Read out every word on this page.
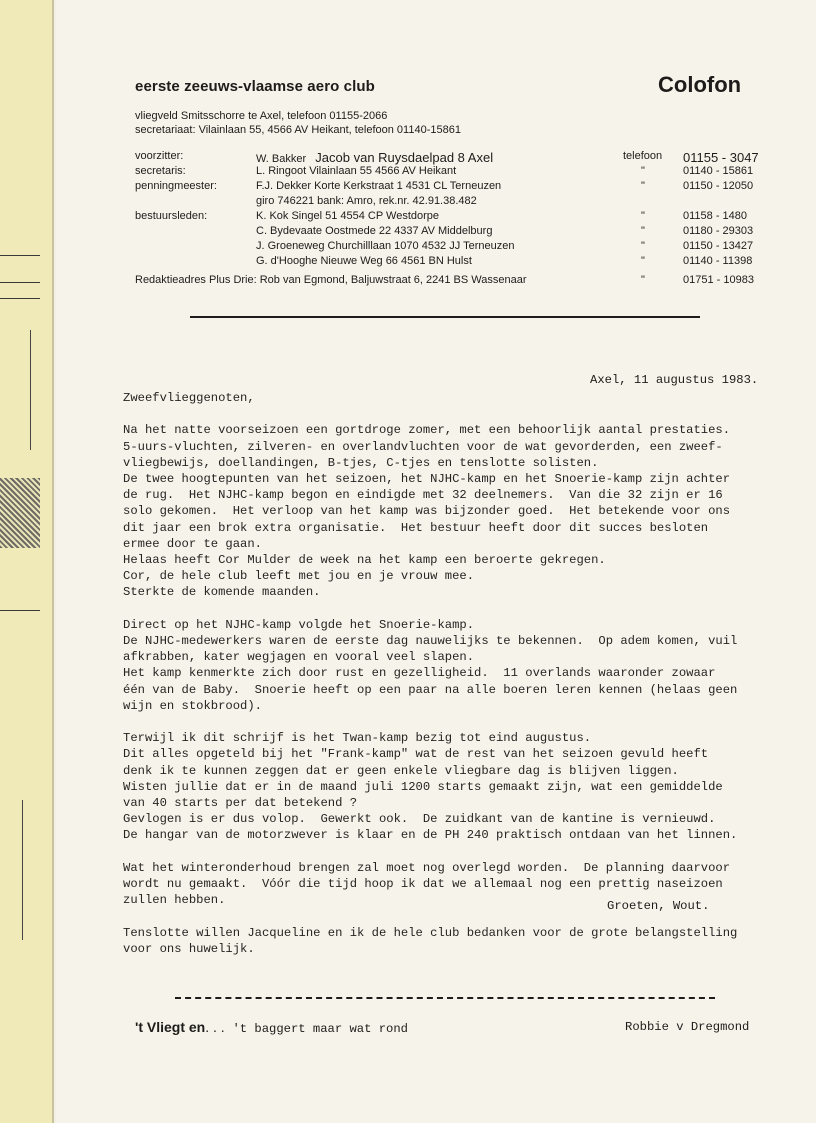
eerste zeeuws-vlaamse aero club	Colofon
vliegveld Smitsschorre te Axel, telefoon 01155-2066
secretariaat: Vilainlaan 55, 4566 AV Heikant, telefoon 01140-15861
voorzitter:	W. Bakker Jacob van Ruysdaelpad 8 Axel	telefoon 01155 - 3047
secretaris:	L. Ringoot Vilainlaan 55 4566 AV Heikant	"	01140 - 15861
penningmeester:	F.J. Dekker Korte Kerkstraat 1 4531 CL Terneuzen	"	01150 - 12050
giro 746221 bank: Amro, rek.nr. 42.91.38.482
bestuursleden:	K. Kok Singel 51 4554 CP Westdorpe	"	01158 - 1480
C. Bydevaate Oostmede 22 4337 AV Middelburg	"	01180 - 29303
J. Groeneweg Churchilllaan 1070 4532 JJ Terneuzen	"	01150 - 13427
G. d'Hooghe Nieuwe Weg 66 4561 BN Hulst	"	01140 - 11398
Redaktieadres Plus Drie: Rob van Egmond, Baljuwstraat 6, 2241 BS Wassenaar	"	01751 - 10983
Axel, 11 augustus 1983.
Zweefvlieggenoten,

Na het natte voorseizoen een gortdroge zomer, met een behoorlijk aantal prestaties.
5-uurs-vluchten, zilveren- en overlandvluchten voor de wat gevorderden, een zweef-
vliegbewijs, doellandingen, B-tjes, C-tjes en tenslotte solisten.
De twee hoogtepunten van het seizoen, het NJHC-kamp en het Snoerie-kamp zijn achter
de rug.  Het NJHC-kamp begon en eindigde met 32 deelnemers.  Van die 32 zijn er 16
solo gekomen.  Het verloop van het kamp was bijzonder goed.  Het betekende voor ons
dit jaar een brok extra organisatie.  Het bestuur heeft door dit succes besloten
ermee door te gaan.
Helaas heeft Cor Mulder de week na het kamp een beroerte gekregen.
Cor, de hele club leeft met jou en je vrouw mee.
Sterkte de komende maanden.

Direct op het NJHC-kamp volgde het Snoerie-kamp.
De NJHC-medewerkers waren de eerste dag nauwelijks te bekennen.  Op adem komen, vuil
afkrabben, kater wegjagen en vooral veel slapen.
Het kamp kenmerkte zich door rust en gezelligheid.  11 overlands waaronder zowaar
één van de Baby.  Snoerie heeft op een paar na alle boeren leren kennen (helaas geen
wijn en stokbrood).

Terwijl ik dit schrijf is het Twan-kamp bezig tot eind augustus.
Dit alles opgeteld bij het "Frank-kamp" wat de rest van het seizoen gevuld heeft
denk ik te kunnen zeggen dat er geen enkele vliegbare dag is blijven liggen.
Wisten jullie dat er in de maand juli 1200 starts gemaakt zijn, wat een gemiddelde
van 40 starts per dat betekend ?
Gevlogen is er dus volop.  Gewerkt ook.  De zuidkant van de kantine is vernieuwd.
De hangar van de motorzwever is klaar en de PH 240 praktisch ontdaan van het linnen.

Wat het winteronderhoud brengen zal moet nog overlegd worden.  De planning daarvoor
wordt nu gemaakt.  Vóór die tijd hoop ik dat we allemaal nog een prettig naseizoen
zullen hebben.

Tenslotte willen Jacqueline en ik de hele club bedanken voor de grote belangstelling
voor ons huwelijk.
Groeten, Wout.
't Vliegt en. . . 't baggert maar wat rond	Robbie v Dregmond
